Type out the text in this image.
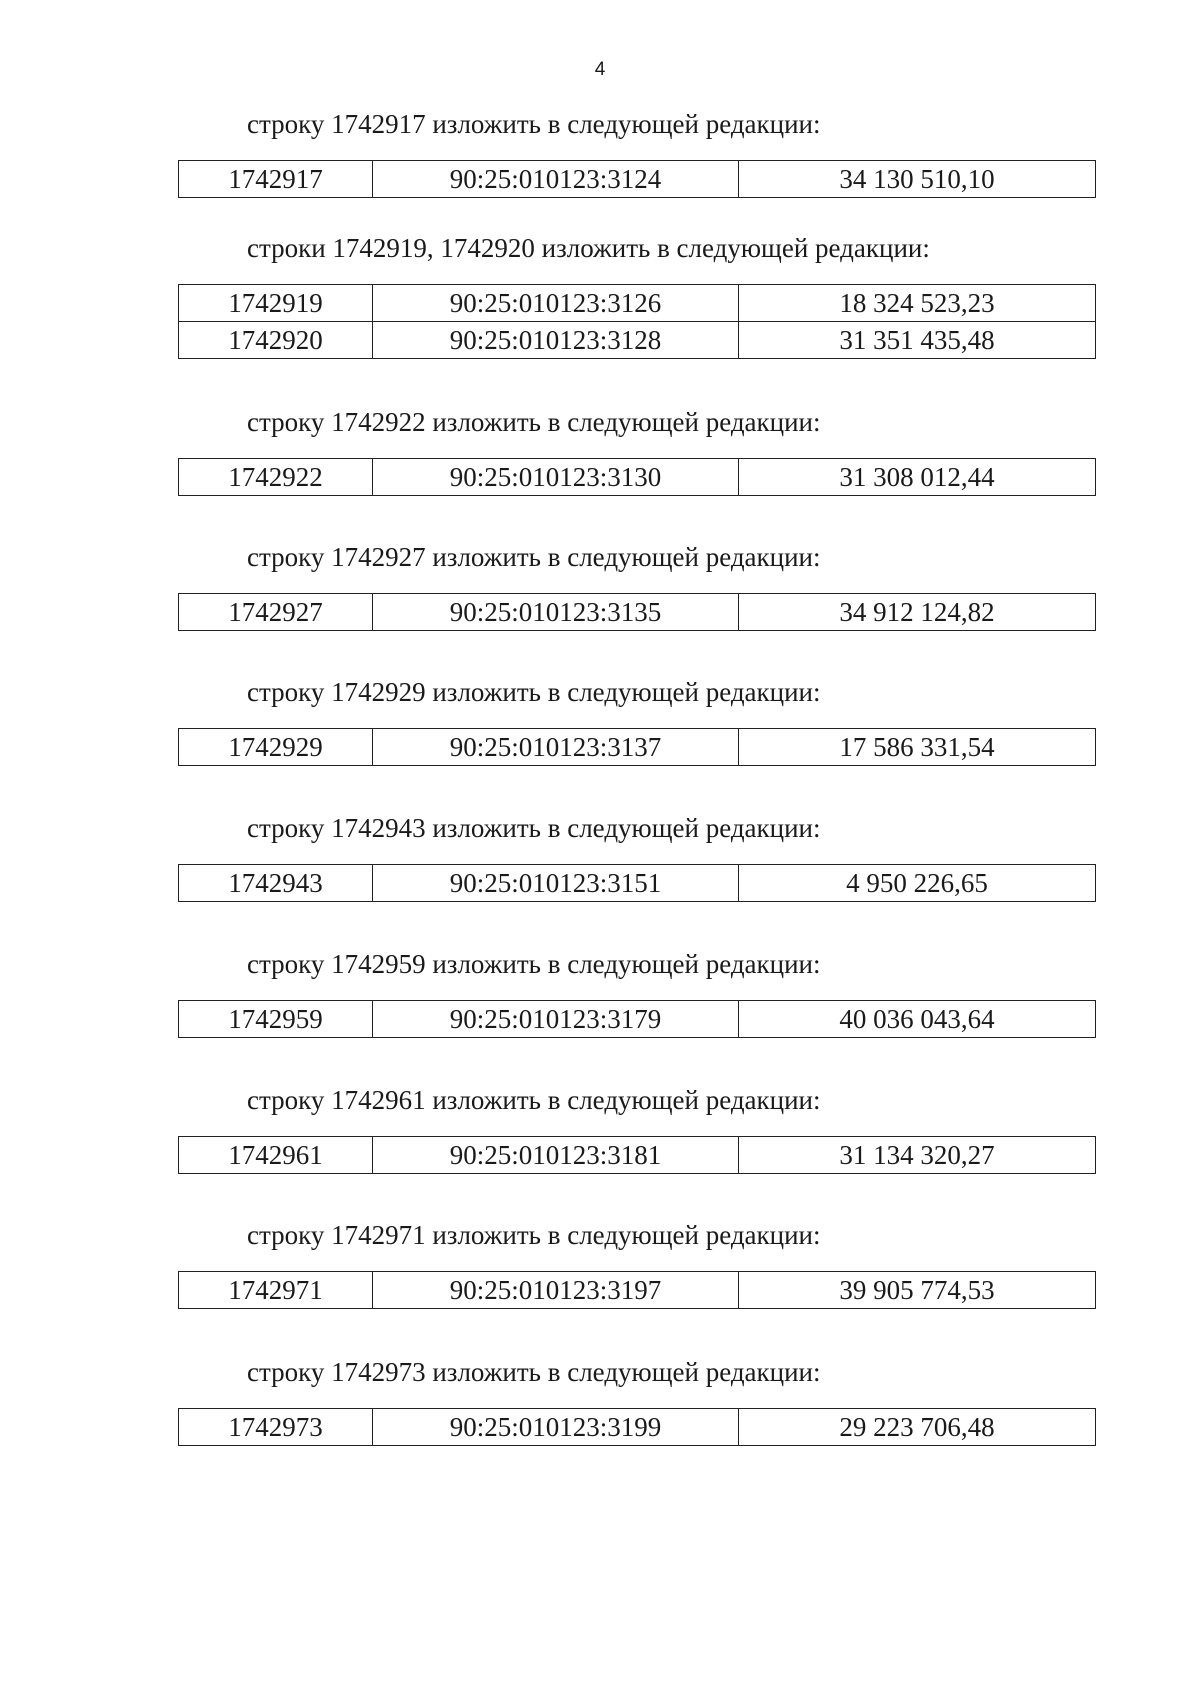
4

строку 1742917 изложить в следующей редакции:

1742917	90:25:010123:3124	34 130 510,10

строки 1742919, 1742920 изложить в следующей редакции:

1742919	90:25:010123:3126	18 324 523,23
1742920	90:25:010123:3128	31 351 435,48

строку 1742922 изложить в следующей редакции:

1742922	90:25:010123:3130	31 308 012,44

строку 1742927 изложить в следующей редакции:

1742927	90:25:010123:3135	34 912 124,82

строку 1742929 изложить в следующей редакции:

1742929	90:25:010123:3137	17 586 331,54

строку 1742943 изложить в следующей редакции:

1742943	90:25:010123:3151	4 950 226,65

строку 1742959 изложить в следующей редакции:

1742959	90:25:010123:3179	40 036 043,64

строку 1742961 изложить в следующей редакции:

1742961	90:25:010123:3181	31 134 320,27

строку 1742971 изложить в следующей редакции:

1742971	90:25:010123:3197	39 905 774,53

строку 1742973 изложить в следующей редакции:

1742973	90:25:010123:3199	29 223 706,48
